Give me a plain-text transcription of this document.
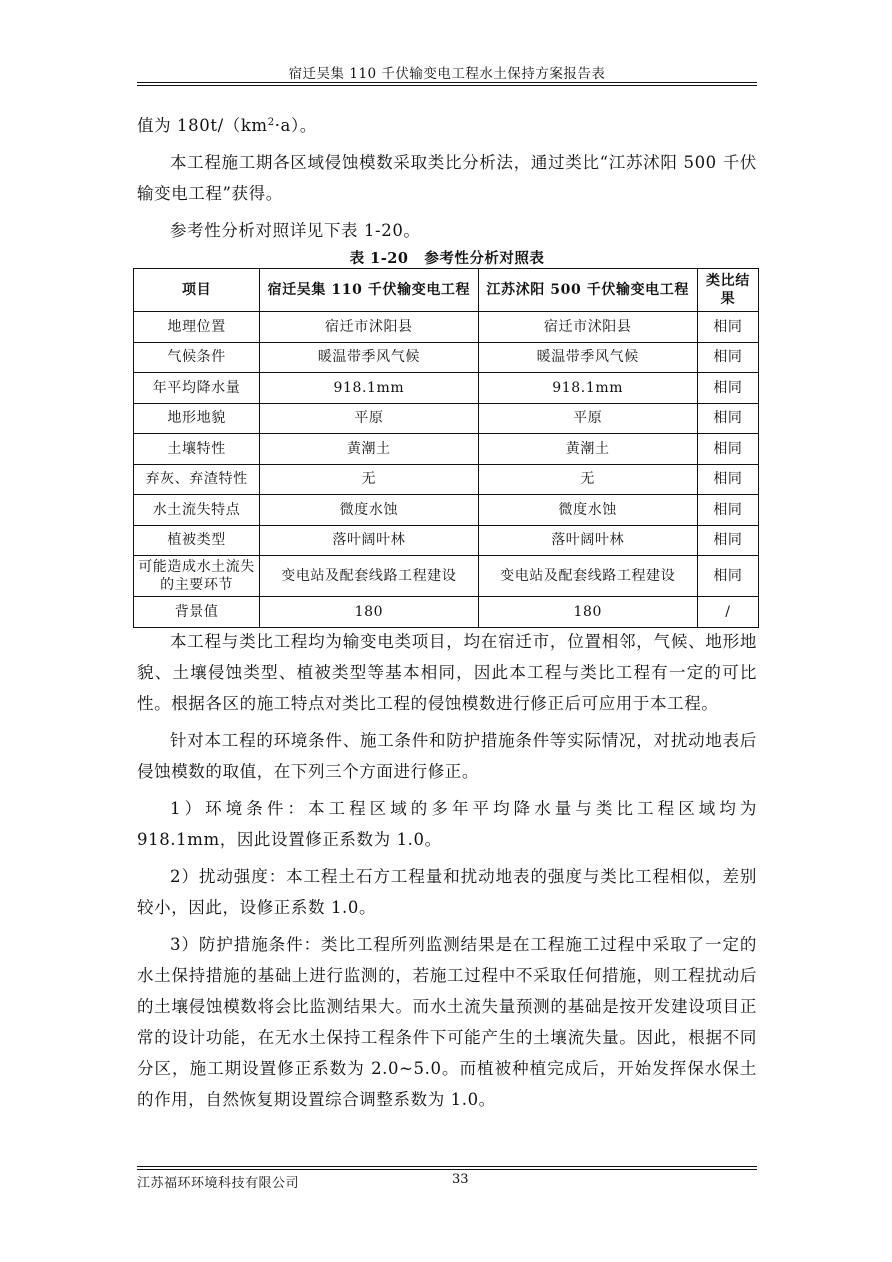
宿迁吴集 110 千伏输变电工程水土保持方案报告表

值为 $180t/(km^2\cdot a)$。

本工程施工期各区域侵蚀模数采取类比分析法，通过类比“江苏沭阳 500 千伏输变电工程”获得。

参考性分析对照详见下表 1-20。

表 1-20 参考性分析对照表
项目	宿迁吴集 110 千伏输变电工程	江苏沭阳 500 千伏输变电工程	类比结果
地理位置	宿迁市沭阳县	宿迁市沭阳县	相同
气候条件	暖温带季风气候	暖温带季风气候	相同
年平均降水量	918.1mm	918.1mm	相同
地形地貌	平原	平原	相同
土壤特性	黄潮土	黄潮土	相同
弃灰、弃渣特性	无	无	相同
水土流失特点	微度水蚀	微度水蚀	相同
植被类型	落叶阔叶林	落叶阔叶林	相同
可能造成水土流失的主要环节	变电站及配套线路工程建设	变电站及配套线路工程建设	相同
背景值	180	180	/

本工程与类比工程均为输变电类项目，均在宿迁市，位置相邻，气候、地形地貌、土壤侵蚀类型、植被类型等基本相同，因此本工程与类比工程有一定的可比性。根据各区的施工特点对类比工程的侵蚀模数进行修正后可应用于本工程。

针对本工程的环境条件、施工条件和防护措施条件等实际情况，对扰动地表后侵蚀模数的取值，在下列三个方面进行修正。

1）环境条件：本工程区域的多年平均降水量与类比工程区域均为 918.1mm，因此设置修正系数为 1.0。

2）扰动强度：本工程土石方工程量和扰动地表的强度与类比工程相似，差别较小，因此，设修正系数 1.0。

3）防护措施条件：类比工程所列监测结果是在工程施工过程中采取了一定的水土保持措施的基础上进行监测的，若施工过程中不采取任何措施，则工程扰动后的土壤侵蚀模数将会比监测结果大。而水土流失量预测的基础是按开发建设项目正常的设计功能，在无水土保持工程条件下可能产生的土壤流失量。因此，根据不同分区，施工期设置修正系数为 2.0~5.0。而植被种植完成后，开始发挥保水保土的作用，自然恢复期设置综合调整系数为 1.0。

江苏福环环境科技有限公司	33
